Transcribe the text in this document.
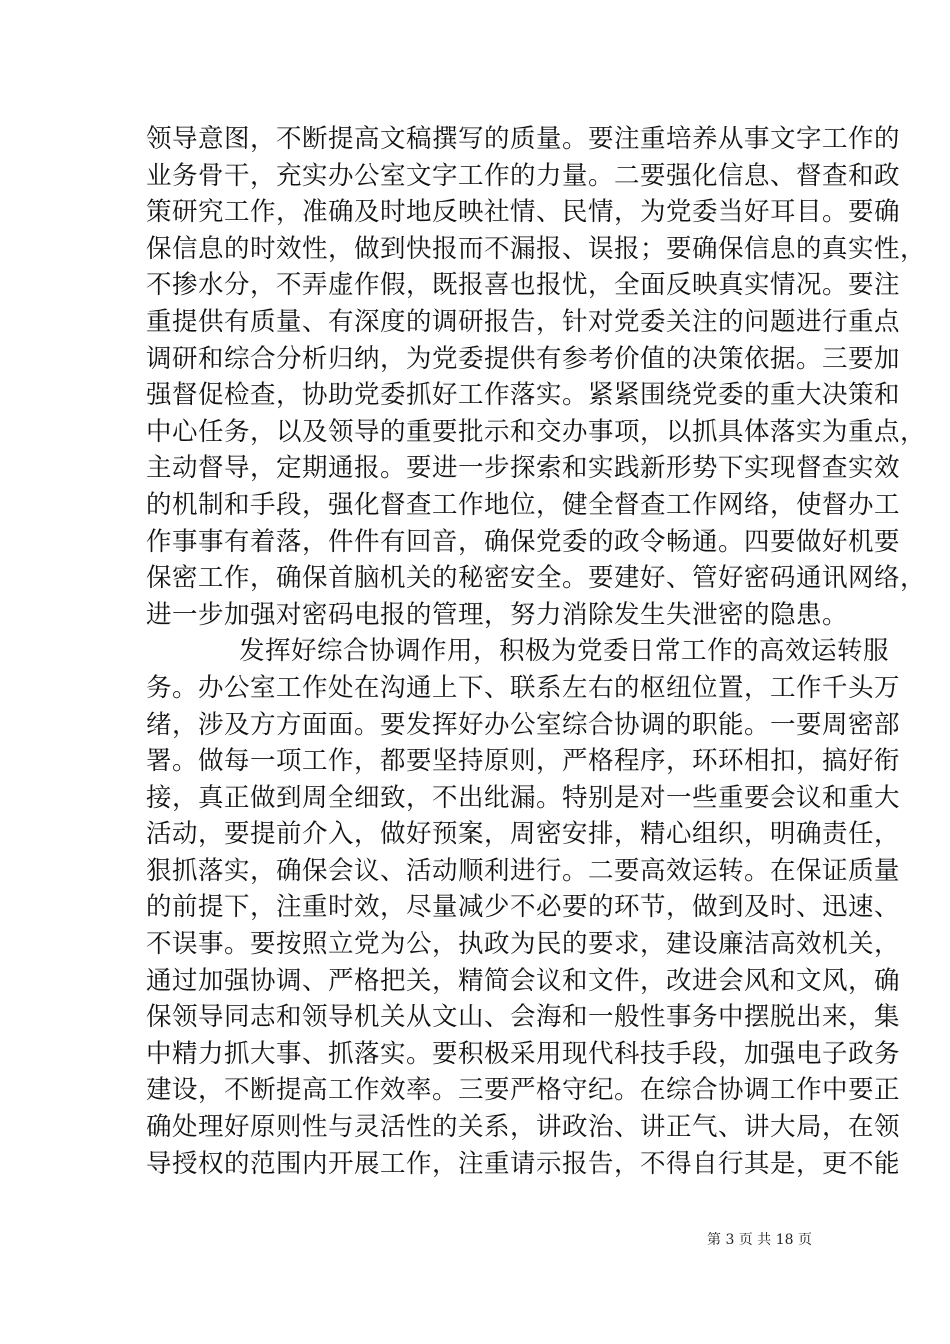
领导意图，不断提高文稿撰写的质量。要注重培养从事文字工作的
业务骨干，充实办公室文字工作的力量。二要强化信息、督查和政
策研究工作，准确及时地反映社情、民情，为党委当好耳目。要确
保信息的时效性，做到快报而不漏报、误报；要确保信息的真实性，
不掺水分，不弄虚作假，既报喜也报忧，全面反映真实情况。要注
重提供有质量、有深度的调研报告，针对党委关注的问题进行重点
调研和综合分析归纳，为党委提供有参考价值的决策依据。三要加
强督促检查，协助党委抓好工作落实。紧紧围绕党委的重大决策和
中心任务，以及领导的重要批示和交办事项，以抓具体落实为重点，
主动督导，定期通报。要进一步探索和实践新形势下实现督查实效
的机制和手段，强化督查工作地位，健全督查工作网络，使督办工
作事事有着落，件件有回音，确保党委的政令畅通。四要做好机要
保密工作，确保首脑机关的秘密安全。要建好、管好密码通讯网络，
进一步加强对密码电报的管理，努力消除发生失泄密的隐患。
发挥好综合协调作用，积极为党委日常工作的高效运转服
务。办公室工作处在沟通上下、联系左右的枢纽位置，工作千头万
绪，涉及方方面面。要发挥好办公室综合协调的职能。一要周密部
署。做每一项工作，都要坚持原则，严格程序，环环相扣，搞好衔
接，真正做到周全细致，不出纰漏。特别是对一些重要会议和重大
活动，要提前介入，做好预案，周密安排，精心组织，明确责任，
狠抓落实，确保会议、活动顺利进行。二要高效运转。在保证质量
的前提下，注重时效，尽量减少不必要的环节，做到及时、迅速、
不误事。要按照立党为公，执政为民的要求，建设廉洁高效机关，
通过加强协调、严格把关，精简会议和文件，改进会风和文风，确
保领导同志和领导机关从文山、会海和一般性事务中摆脱出来，集
中精力抓大事、抓落实。要积极采用现代科技手段，加强电子政务
建设，不断提高工作效率。三要严格守纪。在综合协调工作中要正
确处理好原则性与灵活性的关系，讲政治、讲正气、讲大局，在领
导授权的范围内开展工作，注重请示报告，不得自行其是，更不能
第 3 页 共 18 页
